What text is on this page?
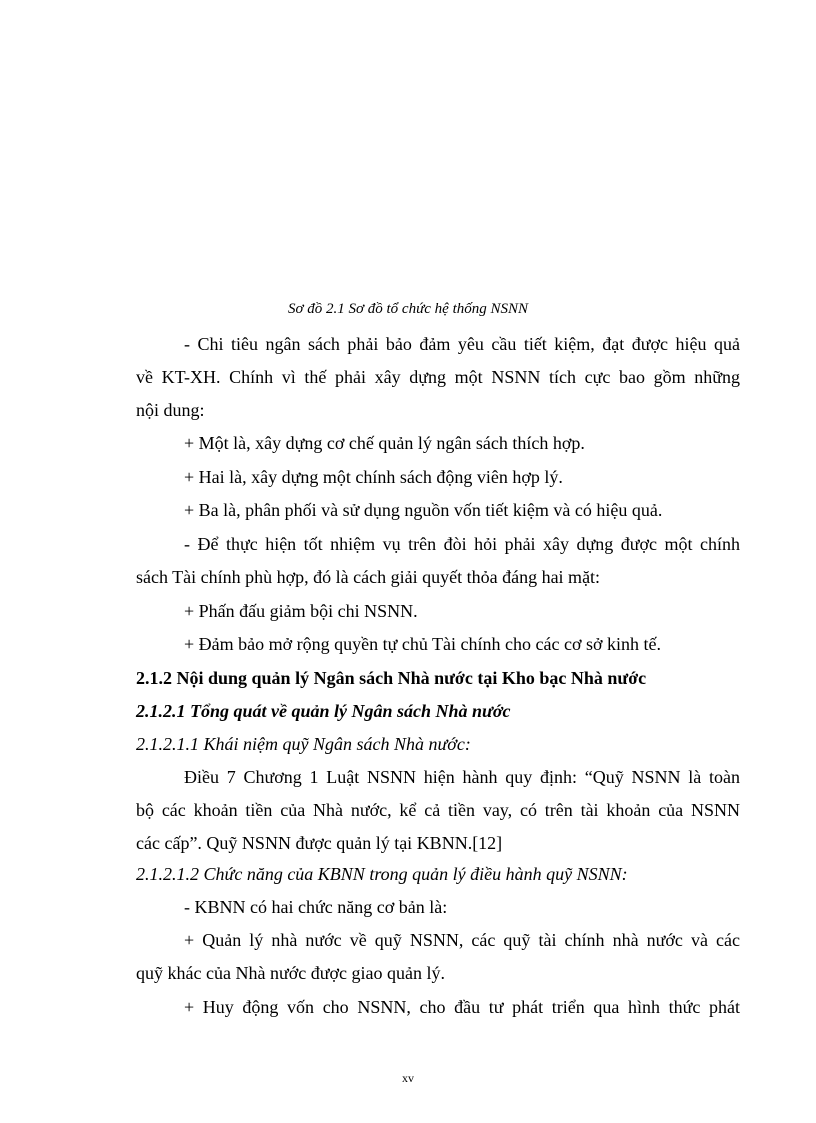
Sơ đồ 2.1 Sơ đồ tổ chức hệ thống NSNN
- Chi tiêu ngân sách phải bảo đảm yêu cầu tiết kiệm, đạt được hiệu quả
về KT-XH. Chính vì thế phải xây dựng một NSNN tích cực bao gồm những
nội dung:
+ Một là, xây dựng cơ chế quản lý ngân sách thích hợp.
+ Hai là, xây dựng một chính sách động viên hợp lý.
+ Ba là, phân phối và sử dụng nguồn vốn tiết kiệm và có hiệu quả.
- Để thực hiện tốt nhiệm vụ trên đòi hỏi phải xây dựng được một chính
sách Tài chính phù hợp, đó là cách giải quyết thỏa đáng hai mặt:
+ Phấn đấu giảm bội chi NSNN.
+ Đảm bảo mở rộng quyền tự chủ Tài chính cho các cơ sở kinh tế.
2.1.2 Nội dung quản lý Ngân sách Nhà nước tại Kho bạc Nhà nước
2.1.2.1 Tổng quát về quản lý Ngân sách Nhà nước
2.1.2.1.1 Khái niệm quỹ Ngân sách Nhà nước:
Điều 7 Chương 1 Luật NSNN hiện hành quy định: “Quỹ NSNN là toàn
bộ các khoản tiền của Nhà nước, kể cả tiền vay, có trên tài khoản của NSNN
các cấp”. Quỹ NSNN được quản lý tại KBNN.[12]
2.1.2.1.2 Chức năng của KBNN trong quản lý điều hành quỹ NSNN:
- KBNN có hai chức năng cơ bản là:
+ Quản lý nhà nước về quỹ NSNN, các quỹ tài chính nhà nước và các
quỹ khác của Nhà nước được giao quản lý.
+ Huy động vốn cho NSNN, cho đầu tư phát triển qua hình thức phát
xv
